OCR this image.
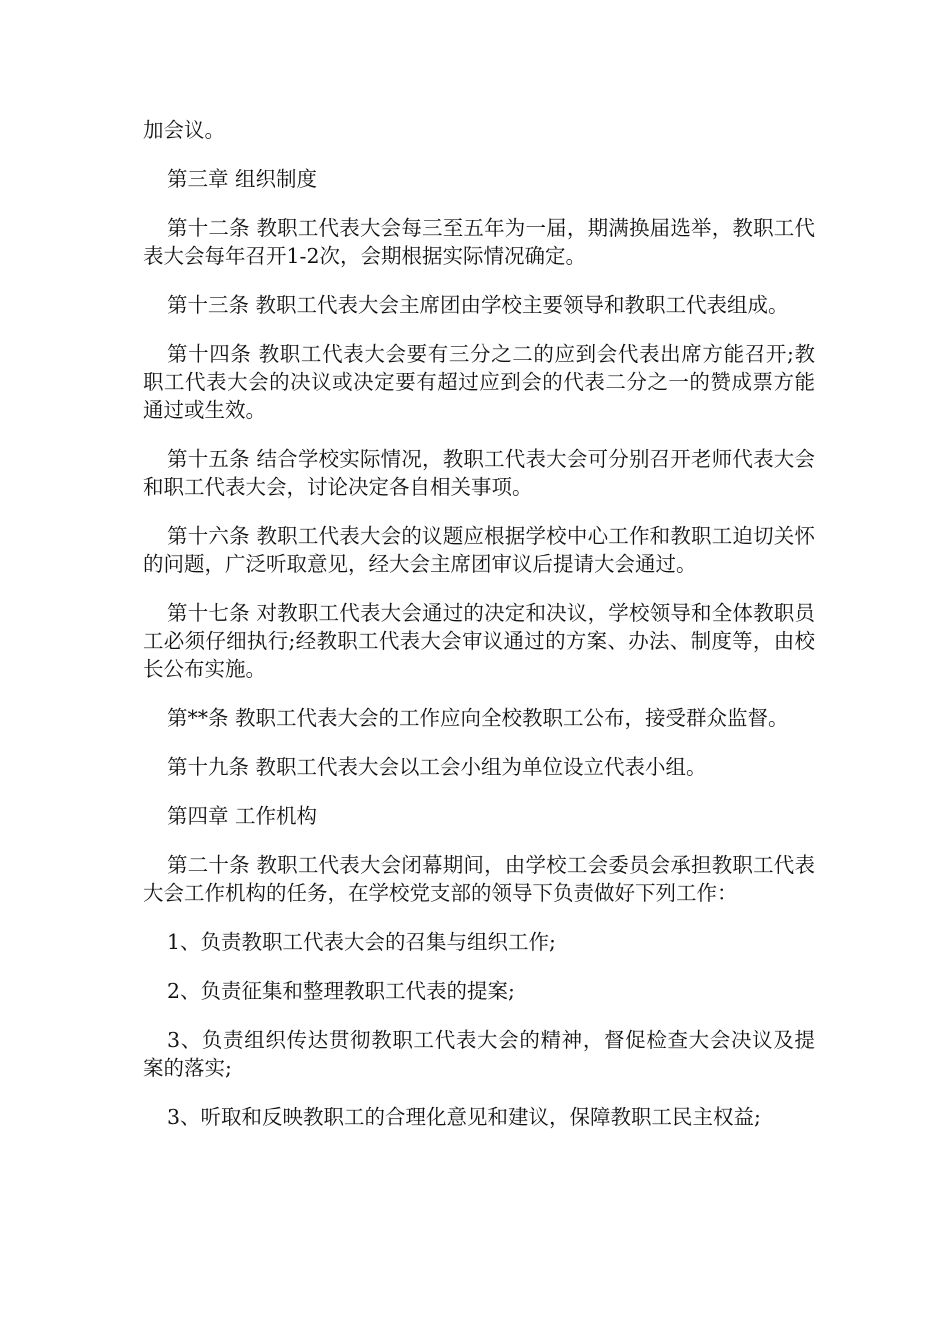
加会议。

第三章 组织制度

第十二条 教职工代表大会每三至五年为一届，期满换届选举，教职工代表大会每年召开1-2次，会期根据实际情况确定。

第十三条 教职工代表大会主席团由学校主要领导和教职工代表组成。

第十四条 教职工代表大会要有三分之二的应到会代表出席方能召开;教职工代表大会的决议或决定要有超过应到会的代表二分之一的赞成票方能通过或生效。

第十五条 结合学校实际情况，教职工代表大会可分别召开老师代表大会和职工代表大会，讨论决定各自相关事项。

第十六条 教职工代表大会的议题应根据学校中心工作和教职工迫切关怀的问题，广泛听取意见，经大会主席团审议后提请大会通过。

第十七条 对教职工代表大会通过的决定和决议，学校领导和全体教职员工必须仔细执行;经教职工代表大会审议通过的方案、办法、制度等，由校长公布实施。

第**条 教职工代表大会的工作应向全校教职工公布，接受群众监督。

第十九条 教职工代表大会以工会小组为单位设立代表小组。

第四章 工作机构

第二十条 教职工代表大会闭幕期间，由学校工会委员会承担教职工代表大会工作机构的任务，在学校党支部的领导下负责做好下列工作：

1、负责教职工代表大会的召集与组织工作;

2、负责征集和整理教职工代表的提案;

3、负责组织传达贯彻教职工代表大会的精神，督促检查大会决议及提案的落实;

3、听取和反映教职工的合理化意见和建议，保障教职工民主权益;
